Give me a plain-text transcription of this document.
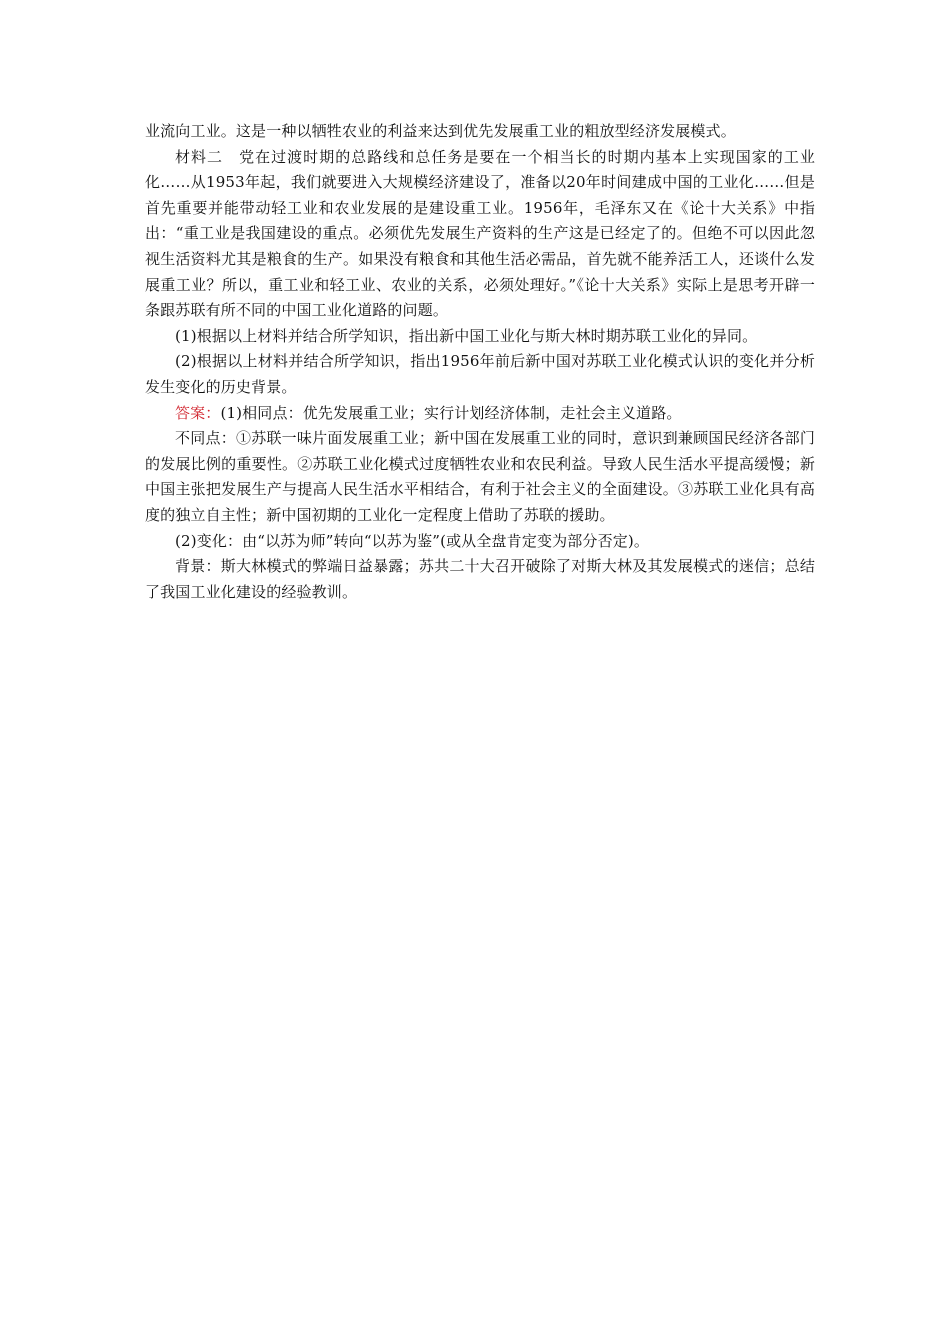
业流向工业。这是一种以牺牲农业的利益来达到优先发展重工业的粗放型经济发展模式。

材料二　党在过渡时期的总路线和总任务是要在一个相当长的时期内基本上实现国家的工业化……从1953年起，我们就要进入大规模经济建设了，准备以20年时间建成中国的工业化……但是首先重要并能带动轻工业和农业发展的是建设重工业。1956年，毛泽东又在《论十大关系》中指出：“重工业是我国建设的重点。必须优先发展生产资料的生产这是已经定了的。但绝不可以因此忽视生活资料尤其是粮食的生产。如果没有粮食和其他生活必需品，首先就不能养活工人，还谈什么发展重工业？所以，重工业和轻工业、农业的关系，必须处理好。”《论十大关系》实际上是思考开辟一条跟苏联有所不同的中国工业化道路的问题。

(1)根据以上材料并结合所学知识，指出新中国工业化与斯大林时期苏联工业化的异同。

(2)根据以上材料并结合所学知识，指出1956年前后新中国对苏联工业化模式认识的变化并分析发生变化的历史背景。

答案：(1)相同点：优先发展重工业；实行计划经济体制，走社会主义道路。

不同点：①苏联一味片面发展重工业；新中国在发展重工业的同时，意识到兼顾国民经济各部门的发展比例的重要性。②苏联工业化模式过度牺牲农业和农民利益。导致人民生活水平提高缓慢；新中国主张把发展生产与提高人民生活水平相结合，有利于社会主义的全面建设。③苏联工业化具有高度的独立自主性；新中国初期的工业化一定程度上借助了苏联的援助。

(2)变化：由“以苏为师”转向“以苏为鉴”(或从全盘肯定变为部分否定)。

背景：斯大林模式的弊端日益暴露；苏共二十大召开破除了对斯大林及其发展模式的迷信；总结了我国工业化建设的经验教训。
